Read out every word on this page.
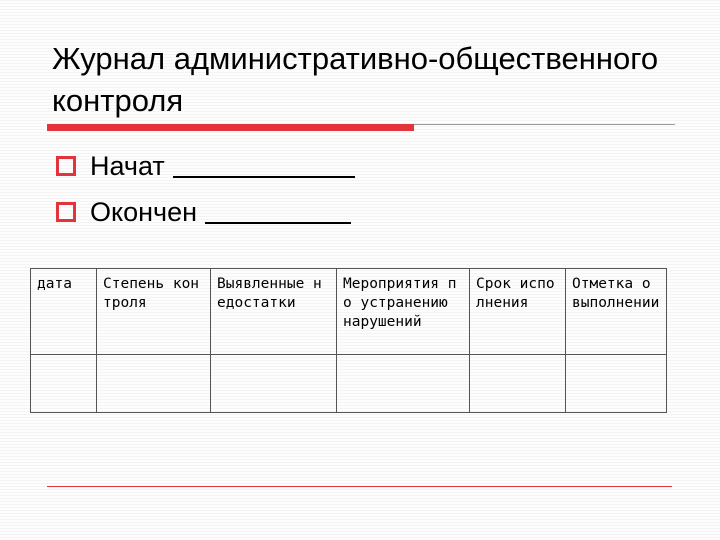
Журнал административно-общественного контроля
Начат
Окончен
дата	Степень контроля	Выявленные недостатки	Мероприятия по устранению нарушений	Срок исполнения	Отметка о выполнении
